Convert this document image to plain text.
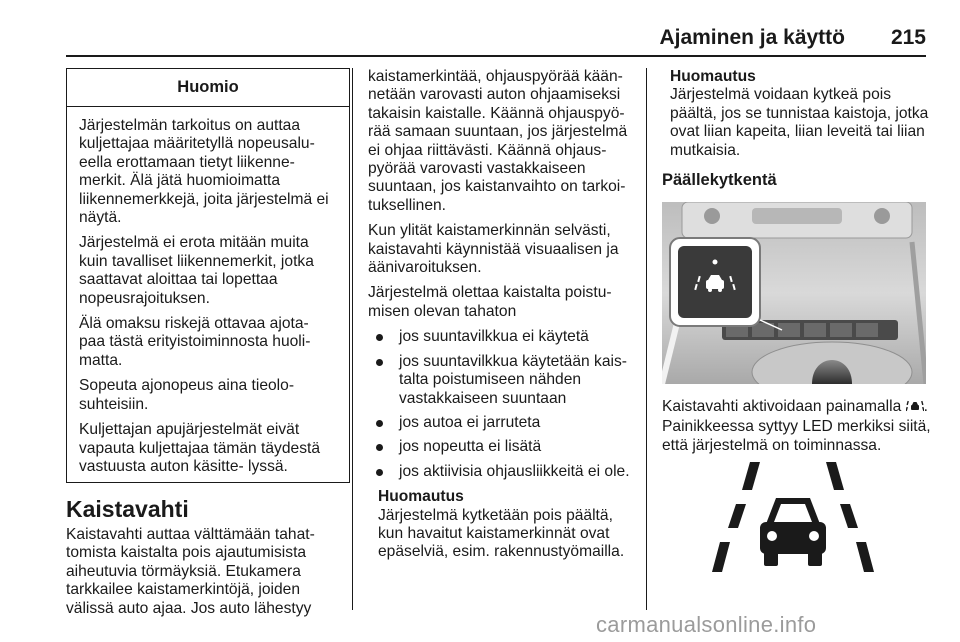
Ajaminen ja käyttö 215
Huomio

Järjestelmän tarkoitus on auttaa kuljettajaa määritetyllä nopeusalu- eella erottamaan tietyt liikenne- merkit. Älä jätä huomioimatta liikennemerkkejä, joita järjestelmä ei näytä.

Järjestelmä ei erota mitään muita kuin tavalliset liikennemerkit, jotka saattavat aloittaa tai lopettaa nopeusrajoituksen.

Älä omaksu riskejä ottavaa ajota- paa tästä erityistoiminnosta huoli- matta.

Sopeuta ajonopeus aina tieolo- suhteisiin.

Kuljettajan apujärjestelmät eivät vapauta kuljettajaa tämän täydestä vastuusta auton käsitte- lyssä.

Kaistavahti

Kaistavahti auttaa välttämään tahat- tomista kaistalta pois ajautumisista aiheutuvia törmäyksiä. Etukamera tarkkailee kaistamerkintöjä, joiden välissä auto ajaa. Jos auto lähestyy

kaistamerkintää, ohjauspyörää kään- netään varovasti auton ohjaamiseksi takaisin kaistalle. Käännä ohjauspyö- rää samaan suuntaan, jos järjestelmä ei ohjaa riittävästi. Käännä ohjaus- pyörää varovasti vastakkaiseen suuntaan, jos kaistanvaihto on tarkoi- tuksellinen.

Kun ylität kaistamerkinnän selvästi, kaistavahti käynnistää visuaalisen ja äänivaroituksen.

Järjestelmä olettaa kaistalta poistu- misen olevan tahaton

jos suuntavilkkua ei käytetä
jos suuntavilkkua käytetään kais- talta poistumiseen nähden vastakkaiseen suuntaan
jos autoa ei jarruteta
jos nopeutta ei lisätä
jos aktiivisia ohjausliikkeitä ei ole.
Huomautus

Järjestelmä kytketään pois päältä, kun havaitut kaistamerkinnät ovat epäselviä, esim. rakennustyömailla.

Huomautus

Järjestelmä voidaan kytkeä pois päältä, jos se tunnistaa kaistoja, jotka ovat liian kapeita, liian leveitä tai liian mutkaisia.

Päällekytkentä

Kaistavahti aktivoidaan painamalla . Painikkeessa syttyy LED merkiksi siitä, että järjestelmä on toiminnassa.

carmanualsonline.info
